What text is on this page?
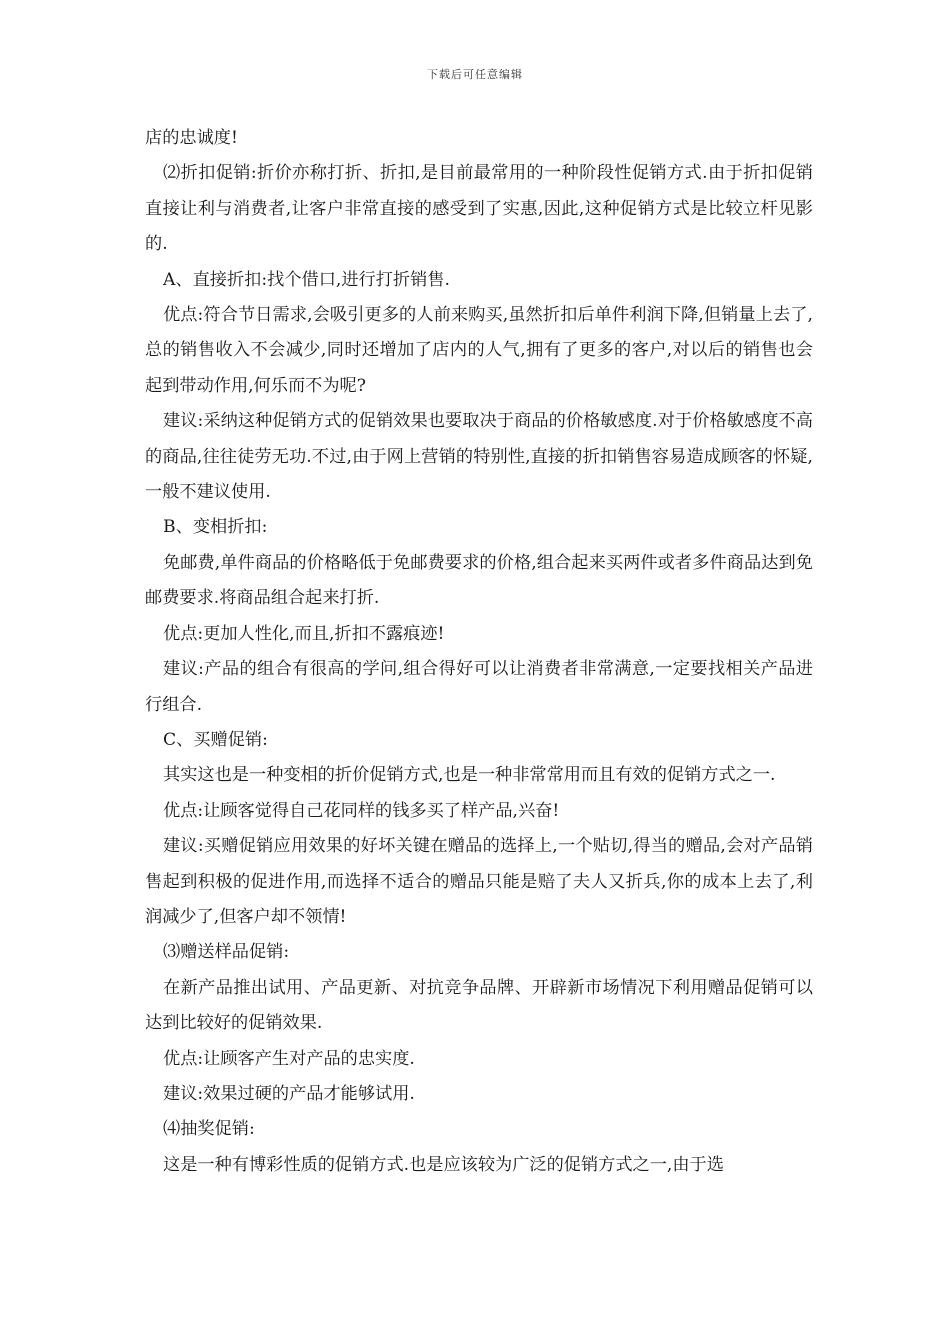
下载后可任意编辑

店的忠诚度!

⑵折扣促销:折价亦称打折、折扣,是目前最常用的一种阶段性促销方式.由于折扣促销直接让利与消费者,让客户非常直接的感受到了实惠,因此,这种促销方式是比较立杆见影的.

A、直接折扣:找个借口,进行打折销售.

优点:符合节日需求,会吸引更多的人前来购买,虽然折扣后单件利润下降,但销量上去了,总的销售收入不会减少,同时还增加了店内的人气,拥有了更多的客户,对以后的销售也会起到带动作用,何乐而不为呢?

建议:采纳这种促销方式的促销效果也要取决于商品的价格敏感度.对于价格敏感度不高的商品,往往徒劳无功.不过,由于网上营销的特别性,直接的折扣销售容易造成顾客的怀疑,一般不建议使用.

B、变相折扣:

免邮费,单件商品的价格略低于免邮费要求的价格,组合起来买两件或者多件商品达到免邮费要求.将商品组合起来打折.

优点:更加人性化,而且,折扣不露痕迹!

建议:产品的组合有很高的学问,组合得好可以让消费者非常满意,一定要找相关产品进行组合.

C、买赠促销:

其实这也是一种变相的折价促销方式,也是一种非常常用而且有效的促销方式之一.

优点:让顾客觉得自己花同样的钱多买了样产品,兴奋!

建议:买赠促销应用效果的好坏关键在赠品的选择上,一个贴切,得当的赠品,会对产品销售起到积极的促进作用,而选择不适合的赠品只能是赔了夫人又折兵,你的成本上去了,利润减少了,但客户却不领情!

⑶赠送样品促销:

在新产品推出试用、产品更新、对抗竞争品牌、开辟新市场情况下利用赠品促销可以达到比较好的促销效果.

优点:让顾客产生对产品的忠实度.

建议:效果过硬的产品才能够试用.

⑷抽奖促销:

这是一种有博彩性质的促销方式.也是应该较为广泛的促销方式之一,由于选
